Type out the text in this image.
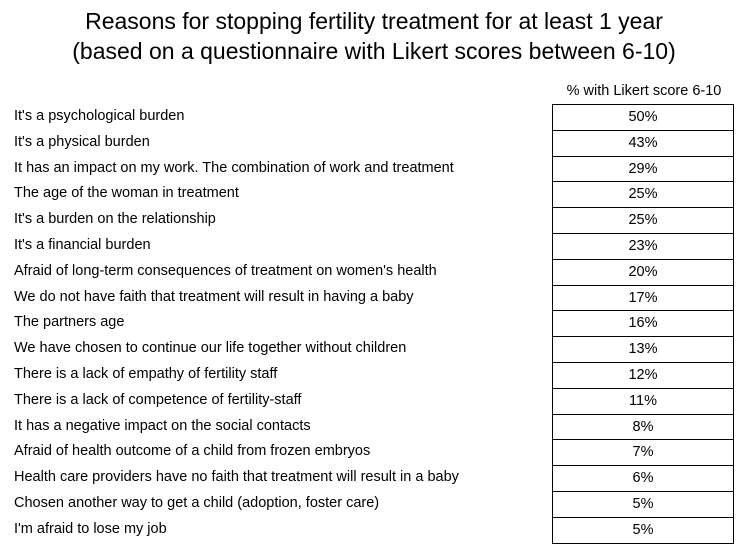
Reasons for stopping fertility treatment for at least 1 year
(based on a questionnaire with Likert scores between 6-10)
% with Likert score 6-10
It's a psychological burden	50%
It's a physical burden	43%
It has an impact on my work. The combination of work and treatment	29%
The age of the woman in treatment	25%
It's a burden on the relationship	25%
It's a financial burden	23%
Afraid of long-term consequences of treatment on women's health	20%
We do not have faith that treatment will result in having a baby	17%
The partners age	16%
We have chosen to continue our life together without children	13%
There is a lack of empathy of fertility staff	12%
There is a lack of competence of fertility-staff	11%
It has a negative impact on the social contacts	8%
Afraid of health outcome of a child from frozen embryos	7%
Health care providers have no faith that treatment will result in a baby	6%
Chosen another way to get a child (adoption, foster care)	5%
I'm afraid to lose my job	5%
